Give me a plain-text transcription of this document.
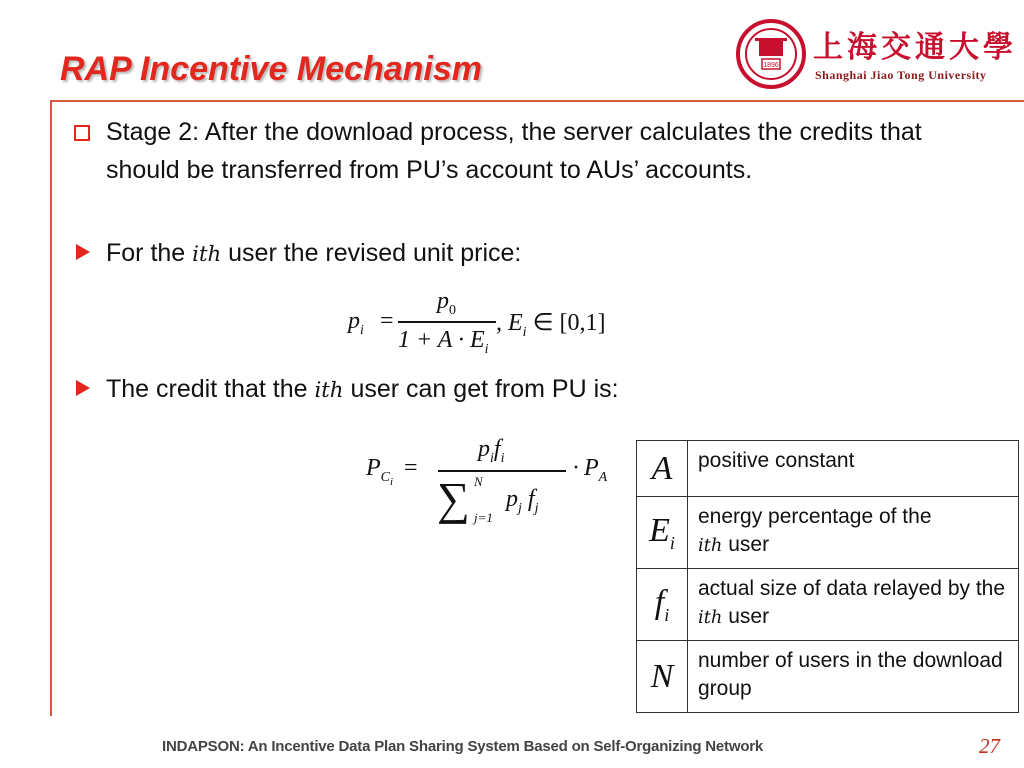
RAP Incentive Mechanism	1896
上海交通大學
Shanghai Jiao Tong University
Stage 2: After the download process, the server calculates the credits that should be transferred from PU’s account to AUs’ accounts.
For the 𝑖𝑡ℎ user the revised unit price:
$p_i$ =
$p_0$
$1 + A \cdot E_i$
, $E_i$ ∈ [0,1]
The credit that the 𝑖𝑡ℎ user can get from PU is:
$P_{C_i}$
=
$p_if_i$
∑ N
j=1
$p_j$ $f_j$
· $P_A$ A	positive constant
$E_i$	energy percentage of the
𝑖𝑡ℎ user
$f_i$	actual size of data relayed by the 𝑖𝑡ℎ user
N	number of users in the download group
INDAPSON: An Incentive Data Plan Sharing System Based on Self-Organizing Network	27
